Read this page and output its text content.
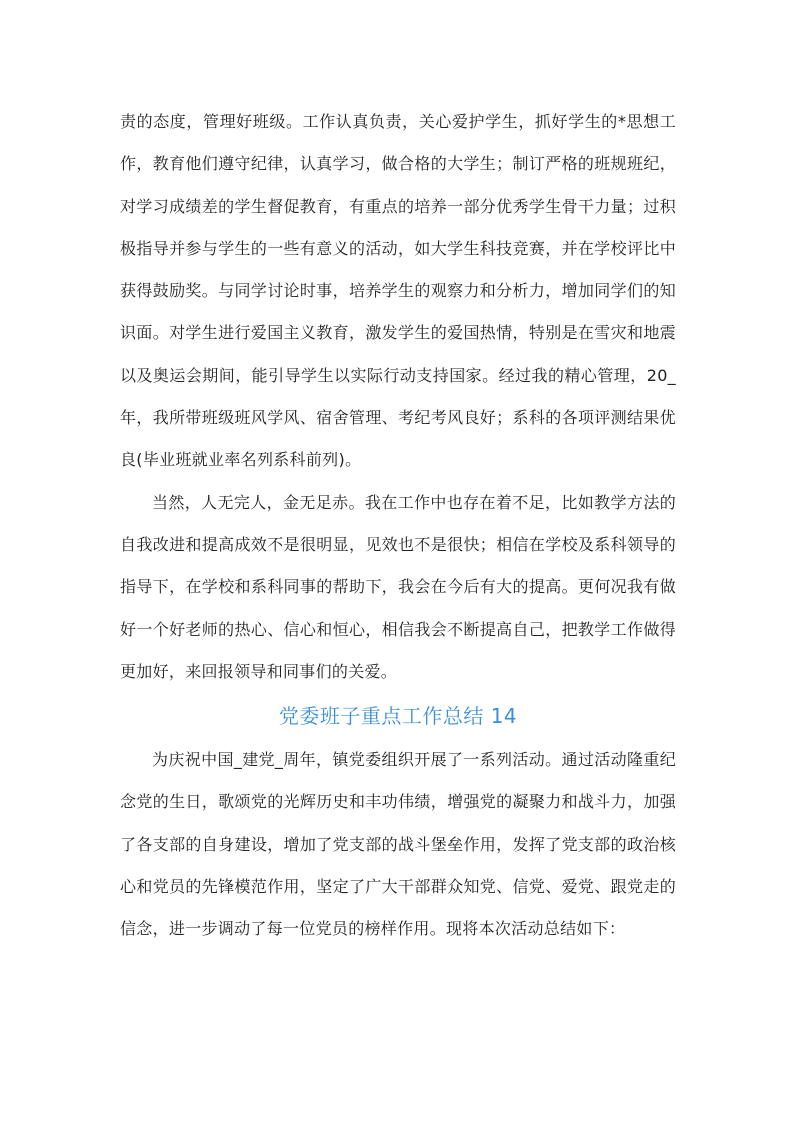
责的态度，管理好班级。工作认真负责，关心爱护学生，抓好学生的*思想工作，教育他们遵守纪律，认真学习，做合格的大学生；制订严格的班规班纪，对学习成绩差的学生督促教育，有重点的培养一部分优秀学生骨干力量；过积极指导并参与学生的一些有意义的活动，如大学生科技竞赛，并在学校评比中获得鼓励奖。与同学讨论时事，培养学生的观察力和分析力，增加同学们的知识面。对学生进行爱国主义教育，激发学生的爱国热情，特别是在雪灾和地震以及奥运会期间，能引导学生以实际行动支持国家。经过我的精心管理，20_年，我所带班级班风学风、宿舍管理、考纪考风良好；系科的各项评测结果优良(毕业班就业率名列系科前列)。

当然，人无完人，金无足赤。我在工作中也存在着不足，比如教学方法的自我改进和提高成效不是很明显，见效也不是很快；相信在学校及系科领导的指导下，在学校和系科同事的帮助下，我会在今后有大的提高。更何况我有做好一个好老师的热心、信心和恒心，相信我会不断提高自己，把教学工作做得更加好，来回报领导和同事们的关爱。

党委班子重点工作总结 14

为庆祝中国_建党_周年，镇党委组织开展了一系列活动。通过活动隆重纪念党的生日，歌颂党的光辉历史和丰功伟绩，增强党的凝聚力和战斗力，加强了各支部的自身建设，增加了党支部的战斗堡垒作用，发挥了党支部的政治核心和党员的先锋模范作用，坚定了广大干部群众知党、信党、爱党、跟党走的信念，进一步调动了每一位党员的榜样作用。现将本次活动总结如下：
